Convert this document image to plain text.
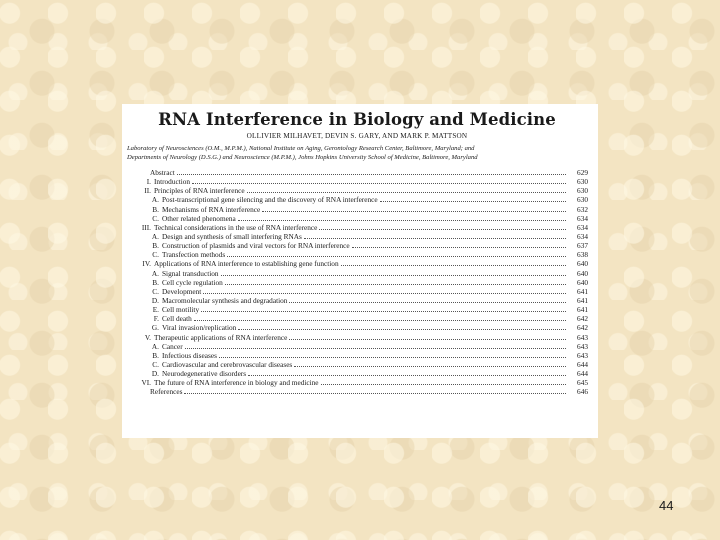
RNA Interference in Biology and Medicine
OLLIVIER MILHAVET, DEVIN S. GARY, AND MARK P. MATTSON
Laboratory of Neurosciences (O.M., M.P.M.), National Institute on Aging, Gerontology Research Center, Baltimore, Maryland; and
Departments of Neurology (D.S.G.) and Neuroscience (M.P.M.), Johns Hopkins University School of Medicine, Baltimore, Maryland
Abstract	629
I. Introduction	630
II. Principles of RNA interference	630
A. Post-transcriptional gene silencing and the discovery of RNA interference	630
B. Mechanisms of RNA interference	632
C. Other related phenomena	634
III. Technical considerations in the use of RNA interference	634
A. Design and synthesis of small interfering RNAs	634
B. Construction of plasmids and viral vectors for RNA interference	637
C. Transfection methods	638
IV. Applications of RNA interference to establishing gene function	640
A. Signal transduction	640
B. Cell cycle regulation	640
C. Development	641
D. Macromolecular synthesis and degradation	641
E. Cell motility	641
F. Cell death	642
G. Viral invasion/replication	642
V. Therapeutic applications of RNA interference	643
A. Cancer	643
B. Infectious diseases	643
C. Cardiovascular and cerebrovascular diseases	644
D. Neurodegenerative disorders	644
VI. The future of RNA interference in biology and medicine	645
References	646
44
